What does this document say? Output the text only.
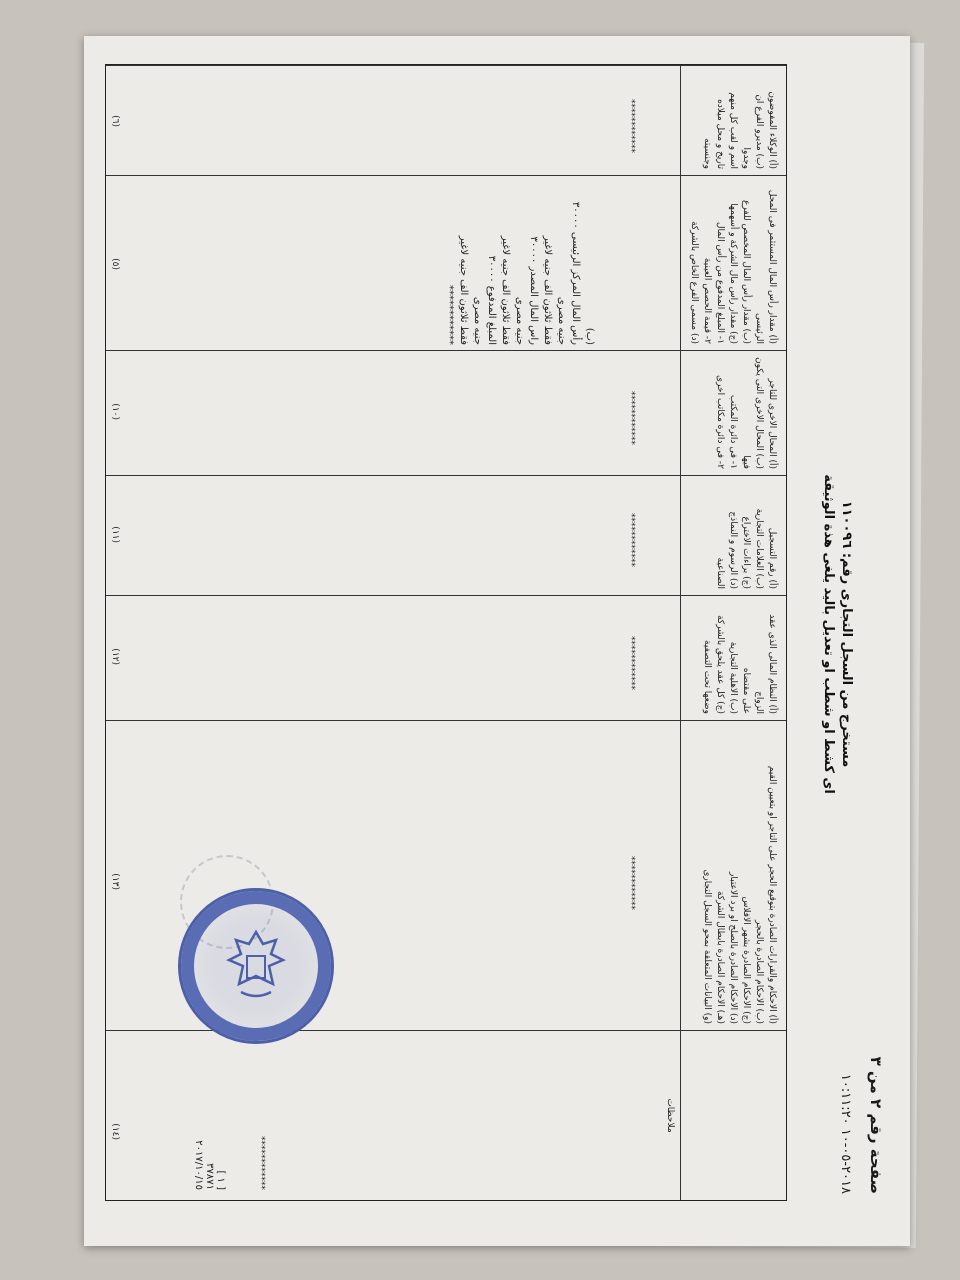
صفحة رقم ٢ من ٣
٢٠١٨-٠٥-١٠ ١٠:١١:٢٠
مستخرج من السجل التجارى رقم: ١١٠٠٩٦
اى كشط او شطب او تعديل باليد يلغى هذة الوثيقة
ملاحظات
[ ١ ]
٣٧٨٧١
٢٠١٧/١٠/١٥	************
(١٤)
(أ) الاحكام والقرارات الصادرة بتوقيع الحجر على التاجر او بتعيين القيم
(ب) الاحكام الصادرة بالحجر
(ج) الاحكام الصادرة بشهر الافلاس
(د) الاحكام الصادرة بالصلح او برد الاعتبار
(هـ) الاحكام الصادرة بابطال الشركة
(و) البيانات المتعلقة بمحو السجل التجارى
************
(١٣)
(أ) النظام المالى الذى عقد الزواج
على مقتضاه
(ب) الاهلية التجارية
(ج) كل عقد يلحق بالشركة
وضعها تحت التصفية
************
(١٢)
(أ) رقم التسجيل
(ب) العلامات التجارية
(ج) براءات الاختراع
(د) الرسوم و النماذج الصناعية
************
(١١)
(أ) المحال الاخرى للتاجر
(ب) المحال الاخرى التى يكون فيها
١- فى دائرة المكتب
٢- فى دائرة مكاتب اخرى
************
(١٠)
(أ) مقدار رأس المال المستثمر فى المحل الرئيسى
(ب) مقدار رأس المال المخصص للفرع
(ج) مقدار راس مال الشركة و أسهمها
١- المبلغ المدفوع من رأس المال
٢- قيمة الحصص العينية
(د) مسمى الفرع الخاص بالشركة
(٥)
(أ) الوكلاء المفوضون
(ب) مديرو الفرع ان وجدوا
اسم و لقب كل منهم
تاريخ و محل ميلاده وجنسيته
************
(٦)
(ب)
رأس المال المركز الرئيسى ٣٠٠٠٠
جنيه مصرى
فقط ثلاثون الف جنيه لاغير
راس المال المصدر ٣٠٠٠٠
جنيه مصرى
فقط ثلاثون الف جنيه لاغير
المبلغ المدفوع ٣٠٠٠٠
جنيه مصرى
فقط ثلاثون الف جنيه لاغير
************
